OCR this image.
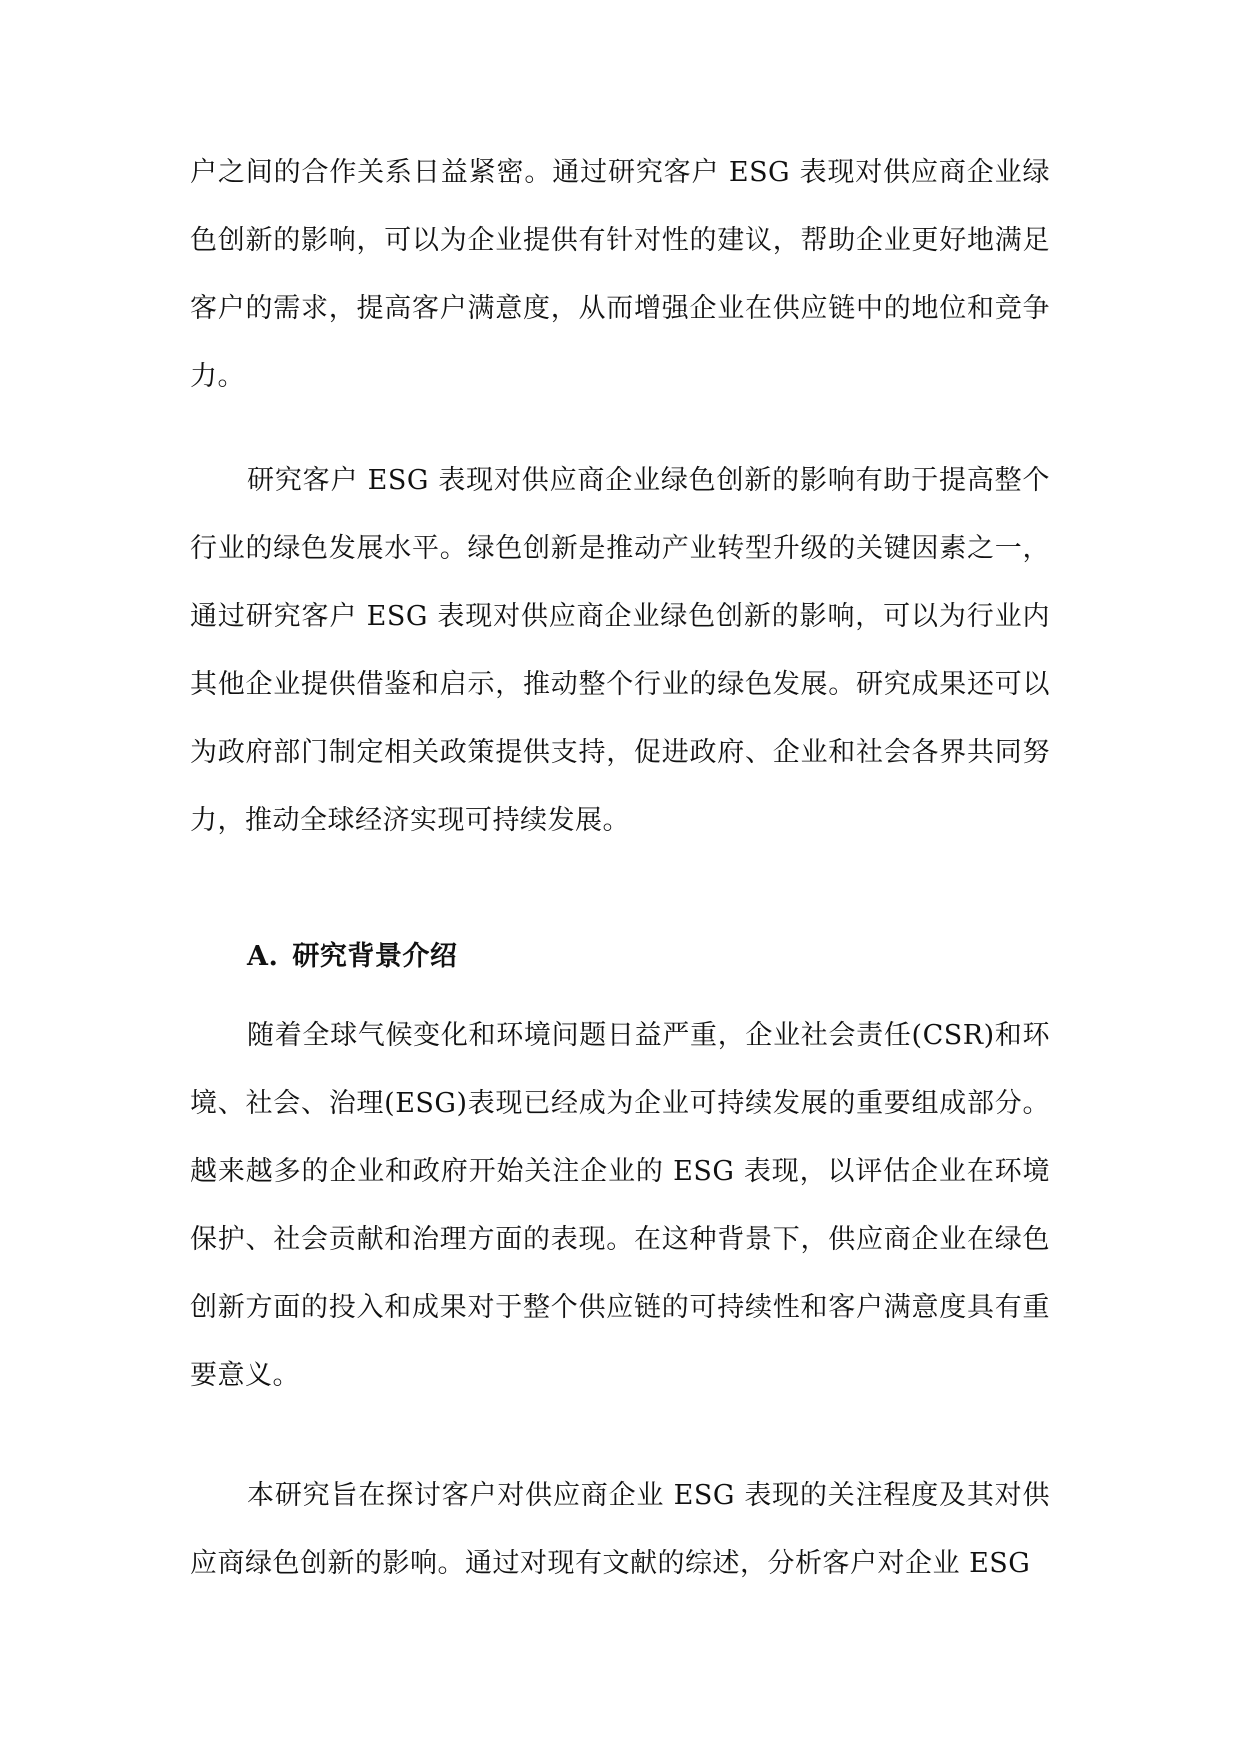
户之间的合作关系日益紧密。通过研究客户 ESG 表现对供应商企业绿色创新的影响，可以为企业提供有针对性的建议，帮助企业更好地满足客户的需求，提高客户满意度，从而增强企业在供应链中的地位和竞争力。

研究客户 ESG 表现对供应商企业绿色创新的影响有助于提高整个行业的绿色发展水平。绿色创新是推动产业转型升级的关键因素之一，通过研究客户 ESG 表现对供应商企业绿色创新的影响，可以为行业内其他企业提供借鉴和启示，推动整个行业的绿色发展。研究成果还可以为政府部门制定相关政策提供支持，促进政府、企业和社会各界共同努力，推动全球经济实现可持续发展。

A. 研究背景介绍

随着全球气候变化和环境问题日益严重，企业社会责任(CSR)和环境、社会、治理(ESG)表现已经成为企业可持续发展的重要组成部分。越来越多的企业和政府开始关注企业的 ESG 表现，以评估企业在环境保护、社会贡献和治理方面的表现。在这种背景下，供应商企业在绿色创新方面的投入和成果对于整个供应链的可持续性和客户满意度具有重要意义。

本研究旨在探讨客户对供应商企业 ESG 表现的关注程度及其对供应商绿色创新的影响。通过对现有文献的综述，分析客户对企业 ESG
